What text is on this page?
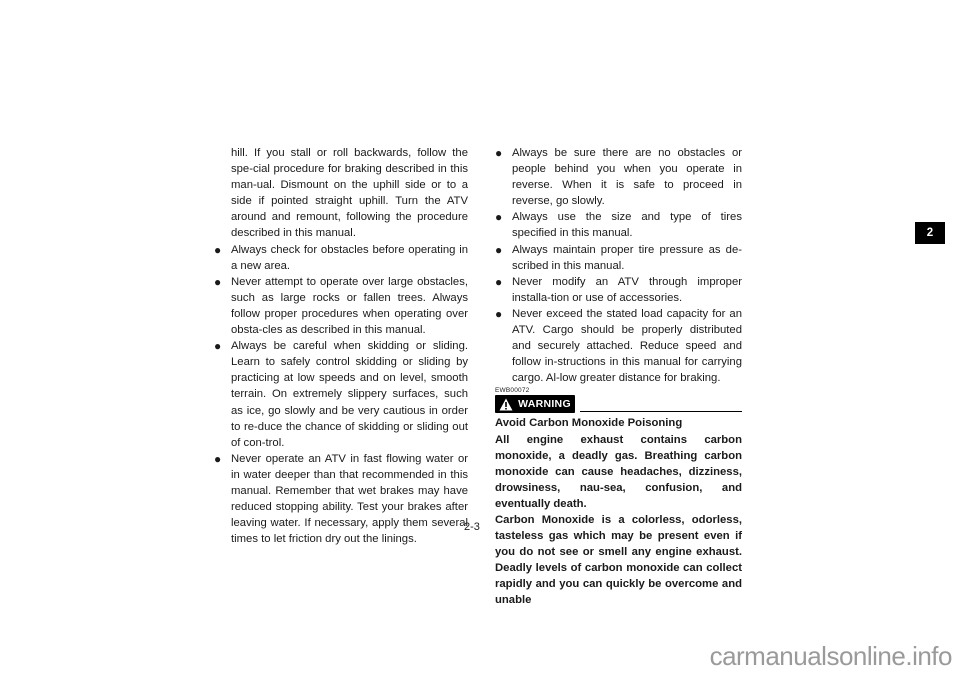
2

hill. If you stall or roll backwards, follow the spe-cial procedure for braking described in this man-ual. Dismount on the uphill side or to a side if pointed straight uphill. Turn the ATV around and remount, following the procedure described in this manual.

● Always check for obstacles before operating in a new area.

● Never attempt to operate over large obstacles, such as large rocks or fallen trees. Always follow proper procedures when operating over obsta-cles as described in this manual.

● Always be careful when skidding or sliding. Learn to safely control skidding or sliding by practicing at low speeds and on level, smooth terrain. On extremely slippery surfaces, such as ice, go slowly and be very cautious in order to re-duce the chance of skidding or sliding out of con-trol.

● Never operate an ATV in fast flowing water or in water deeper than that recommended in this manual. Remember that wet brakes may have reduced stopping ability. Test your brakes after leaving water. If necessary, apply them several times to let friction dry out the linings.

● Always be sure there are no obstacles or people behind you when you operate in reverse. When it is safe to proceed in reverse, go slowly.

● Always use the size and type of tires specified in this manual.

● Always maintain proper tire pressure as de-scribed in this manual.

● Never modify an ATV through improper installa-tion or use of accessories.

● Never exceed the stated load capacity for an ATV. Cargo should be properly distributed and securely attached. Reduce speed and follow in-structions in this manual for carrying cargo. Al-low greater distance for braking.

EWB00072
WARNING

Avoid Carbon Monoxide Poisoning

All engine exhaust contains carbon monoxide, a deadly gas. Breathing carbon monoxide can cause headaches, dizziness, drowsiness, nau-sea, confusion, and eventually death.

Carbon Monoxide is a colorless, odorless, tasteless gas which may be present even if you do not see or smell any engine exhaust. Deadly levels of carbon monoxide can collect rapidly and you can quickly be overcome and unable

2-3
carmanualsonline.info
